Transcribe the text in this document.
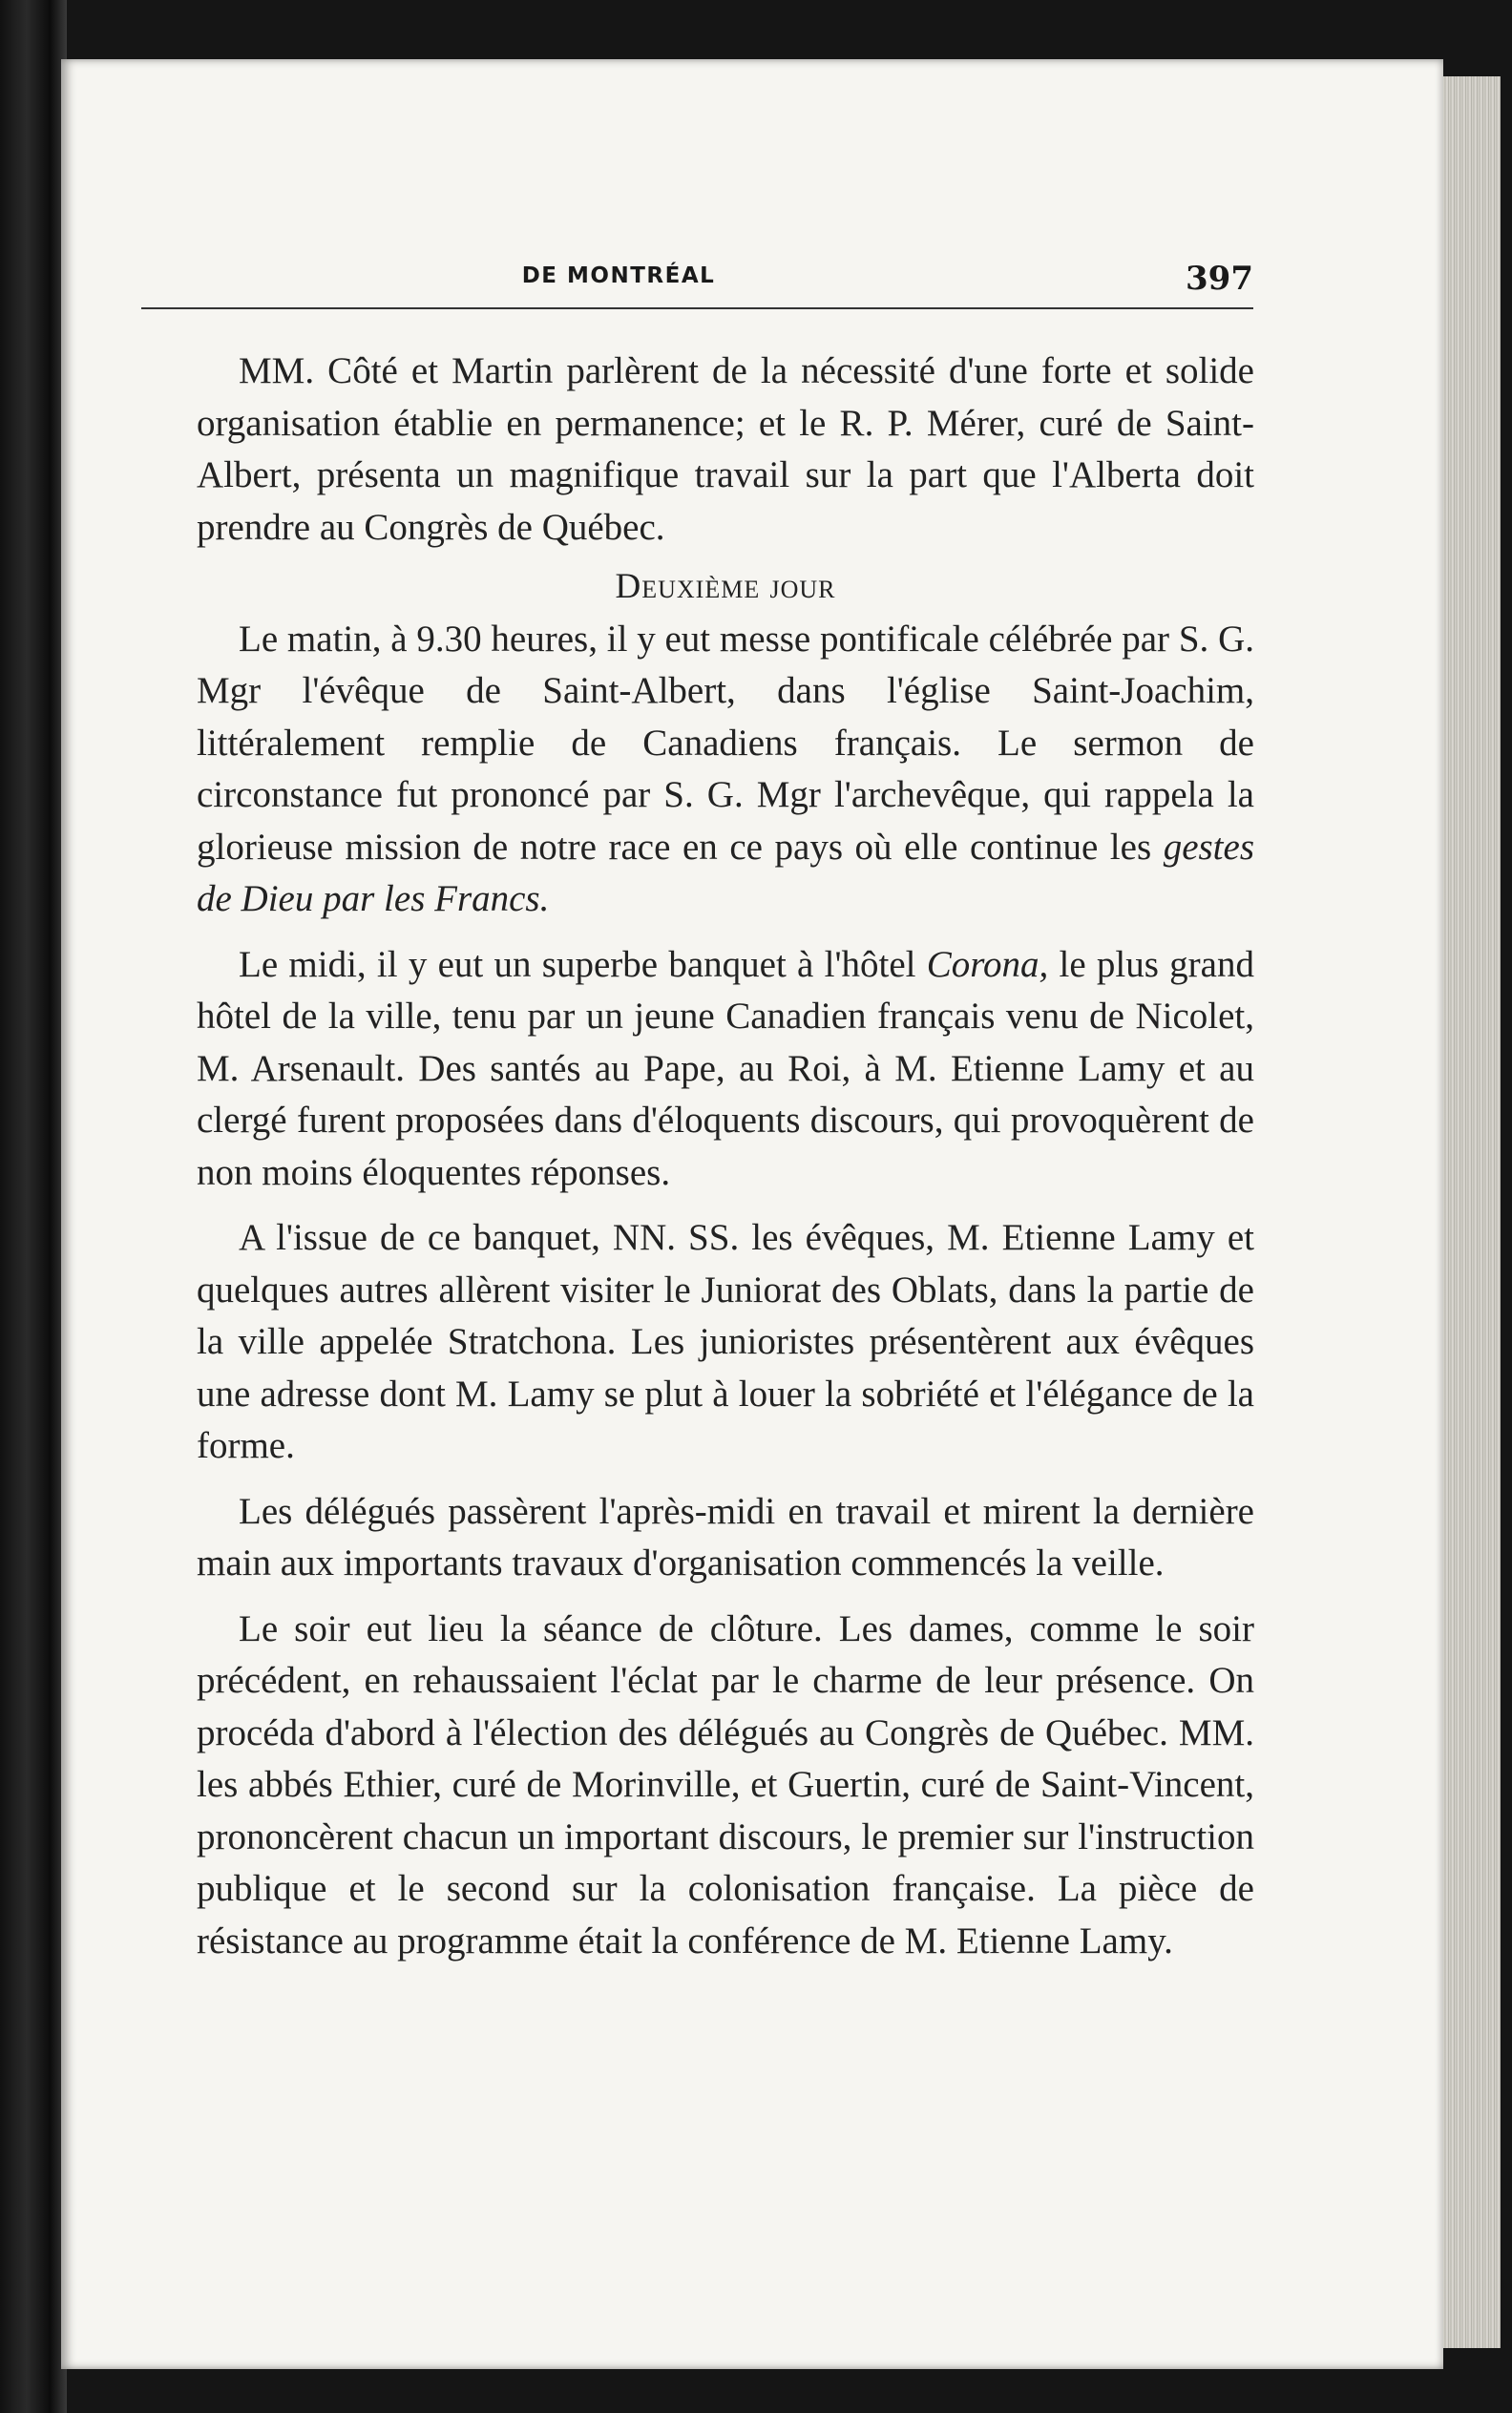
DE MONTRÉAL	397

MM. Côté et Martin parlèrent de la nécessité d'une forte et solide organisation établie en permanence; et le R. P. Mérer, curé de Saint-Albert, présenta un magnifique travail sur la part que l'Alberta doit prendre au Congrès de Québec.

Deuxième jour

Le matin, à 9.30 heures, il y eut messe pontificale célébrée par S. G. Mgr l'évêque de Saint-Albert, dans l'église Saint-Joachim, littéralement remplie de Canadiens français. Le sermon de circonstance fut prononcé par S. G. Mgr l'archevêque, qui rappela la glorieuse mission de notre race en ce pays où elle continue les gestes de Dieu par les Francs.

Le midi, il y eut un superbe banquet à l'hôtel Corona, le plus grand hôtel de la ville, tenu par un jeune Canadien français venu de Nicolet, M. Arsenault. Des santés au Pape, au Roi, à M. Etienne Lamy et au clergé furent proposées dans d'éloquents discours, qui provoquèrent de non moins éloquentes réponses.

A l'issue de ce banquet, NN. SS. les évêques, M. Etienne Lamy et quelques autres allèrent visiter le Juniorat des Oblats, dans la partie de la ville appelée Stratchona. Les junioristes présentèrent aux évêques une adresse dont M. Lamy se plut à louer la sobriété et l'élégance de la forme.

Les délégués passèrent l'après-midi en travail et mirent la dernière main aux importants travaux d'organisation commencés la veille.

Le soir eut lieu la séance de clôture. Les dames, comme le soir précédent, en rehaussaient l'éclat par le charme de leur présence. On procéda d'abord à l'élection des délégués au Congrès de Québec. MM. les abbés Ethier, curé de Morinville, et Guertin, curé de Saint-Vincent, prononcèrent chacun un important discours, le premier sur l'instruction publique et le second sur la colonisation française. La pièce de résistance au programme était la conférence de M. Etienne Lamy.
